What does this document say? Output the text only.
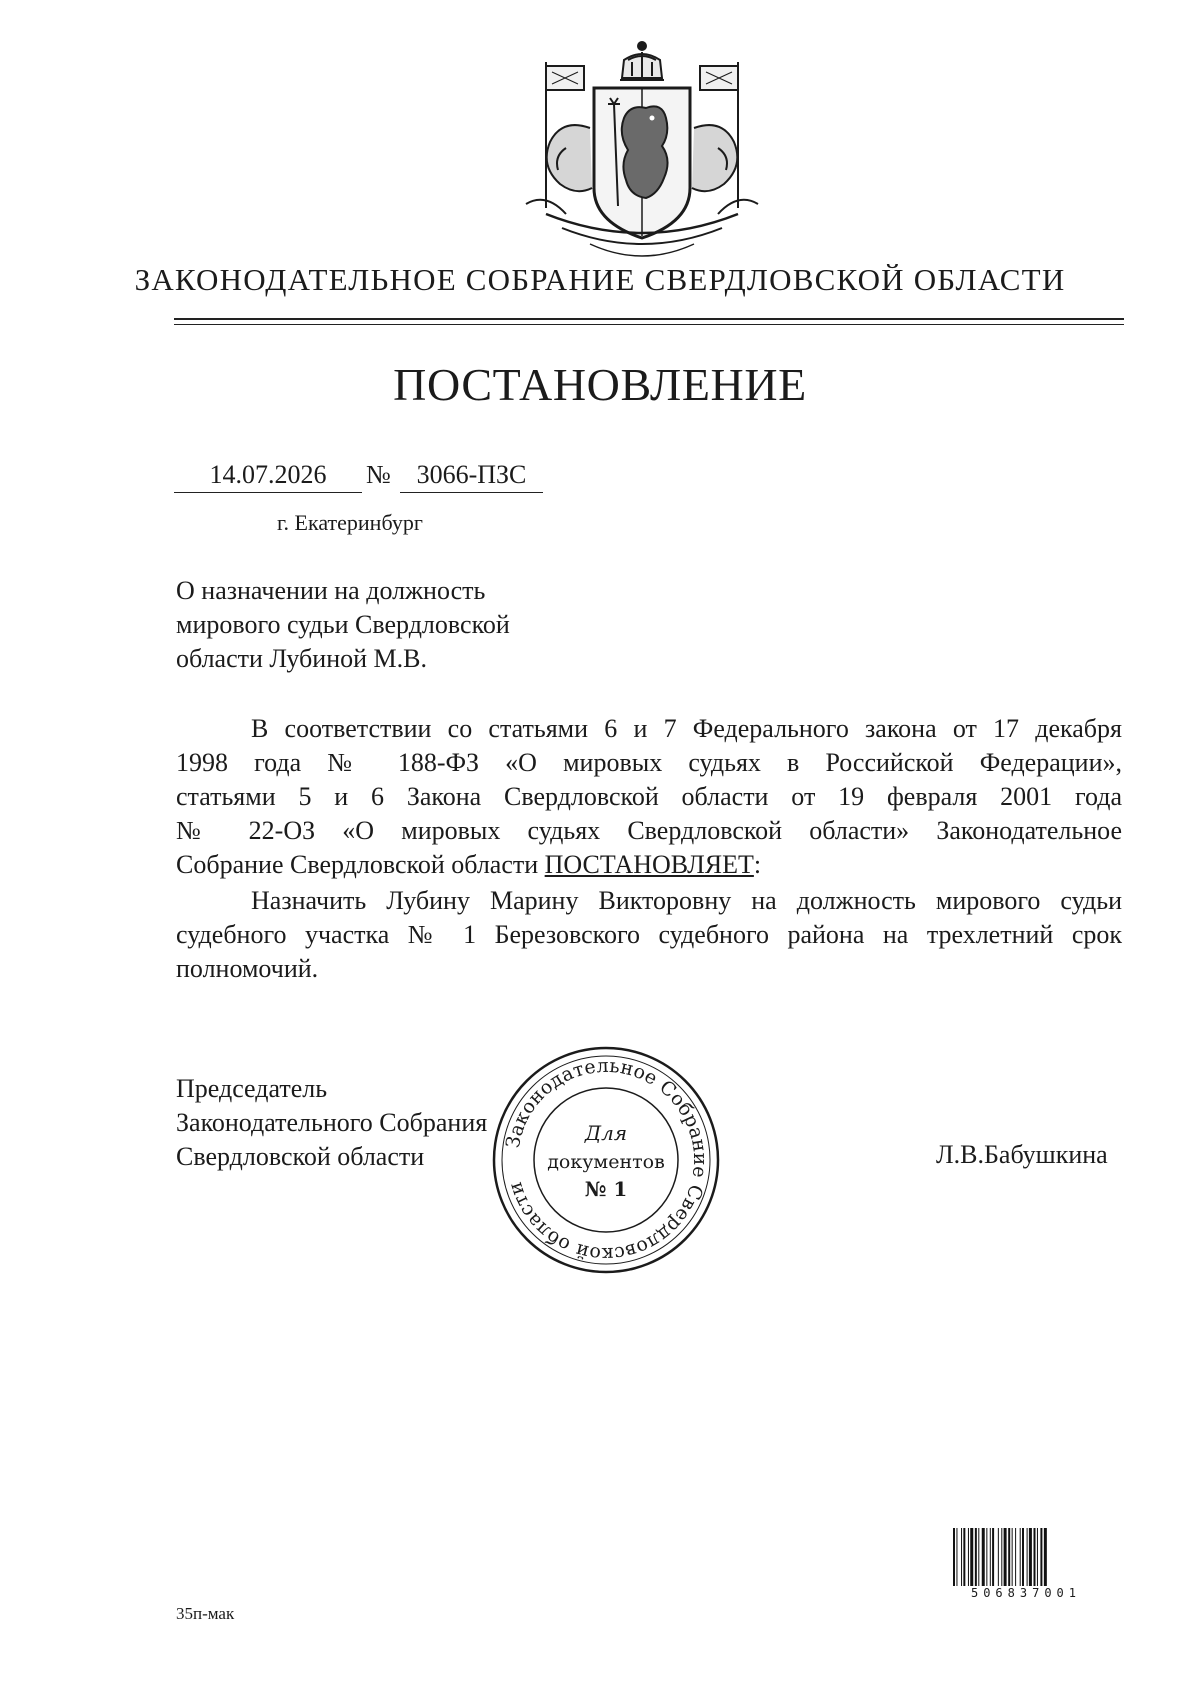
ЗАКОНОДАТЕЛЬНОЕ СОБРАНИЕ СВЕРДЛОВСКОЙ ОБЛАСТИ
ПОСТАНОВЛЕНИЕ
14.07.2026	№ 3066-ПЗС
г. Екатеринбург
О назначении на должность
мирового судьи Свердловской
области Лубиной М.В.
В соответствии со статьями 6 и 7 Федерального закона от 17 декабря
1998 года № 188-ФЗ «О мировых судьях в Российской Федерации»,
статьями 5 и 6 Закона Свердловской области от 19 февраля 2001 года
№ 22-ОЗ «О мировых судьях Свердловской области» Законодательное
Собрание Свердловской области ПОСТАНОВЛЯЕТ:
Назначить Лубину Марину Викторовну на должность мирового судьи
судебного участка № 1 Березовского судебного района на трехлетний срок
полномочий.
Председатель
Законодательного Собрания
Свердловской области
Законодательное Собрание Свердловской области
Для
документов
№ 1
Л.В.Бабушкина
506837001
35п-мак
